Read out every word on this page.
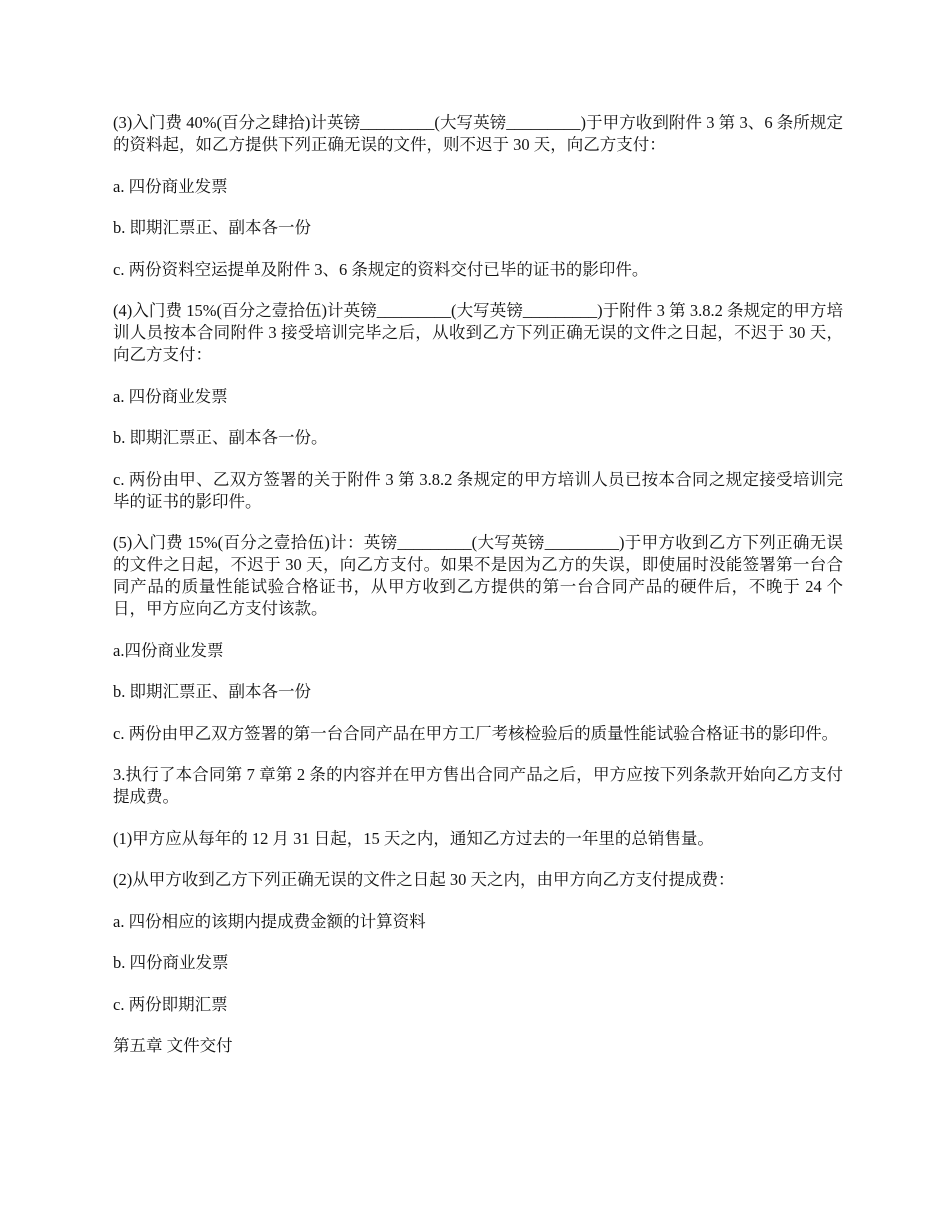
(3)入门费 40%(百分之肆拾)计英镑_________(大写英镑_________)于甲方收到附件 3 第 3、6 条所规定的资料起，如乙方提供下列正确无误的文件，则不迟于 30 天，向乙方支付：

a. 四份商业发票

b. 即期汇票正、副本各一份

c. 两份资料空运提单及附件 3、6 条规定的资料交付已毕的证书的影印件。

(4)入门费 15%(百分之壹拾伍)计英镑_________(大写英镑_________)于附件 3 第 3.8.2 条规定的甲方培训人员按本合同附件 3 接受培训完毕之后，从收到乙方下列正确无误的文件之日起，不迟于 30 天，向乙方支付：

a. 四份商业发票

b. 即期汇票正、副本各一份。

c. 两份由甲、乙双方签署的关于附件 3 第 3.8.2 条规定的甲方培训人员已按本合同之规定接受培训完毕的证书的影印件。

(5)入门费 15%(百分之壹拾伍)计：英镑_________(大写英镑_________)于甲方收到乙方下列正确无误的文件之日起，不迟于 30 天，向乙方支付。如果不是因为乙方的失误，即使届时没能签署第一台合同产品的质量性能试验合格证书，从甲方收到乙方提供的第一台合同产品的硬件后，不晚于 24 个日，甲方应向乙方支付该款。

a.四份商业发票

b. 即期汇票正、副本各一份

c. 两份由甲乙双方签署的第一台合同产品在甲方工厂考核检验后的质量性能试验合格证书的影印件。

3.执行了本合同第 7 章第 2 条的内容并在甲方售出合同产品之后，甲方应按下列条款开始向乙方支付提成费。

(1)甲方应从每年的 12 月 31 日起，15 天之内，通知乙方过去的一年里的总销售量。

(2)从甲方收到乙方下列正确无误的文件之日起 30 天之内，由甲方向乙方支付提成费：

a. 四份相应的该期内提成费金额的计算资料

b. 四份商业发票

c. 两份即期汇票

第五章 文件交付
